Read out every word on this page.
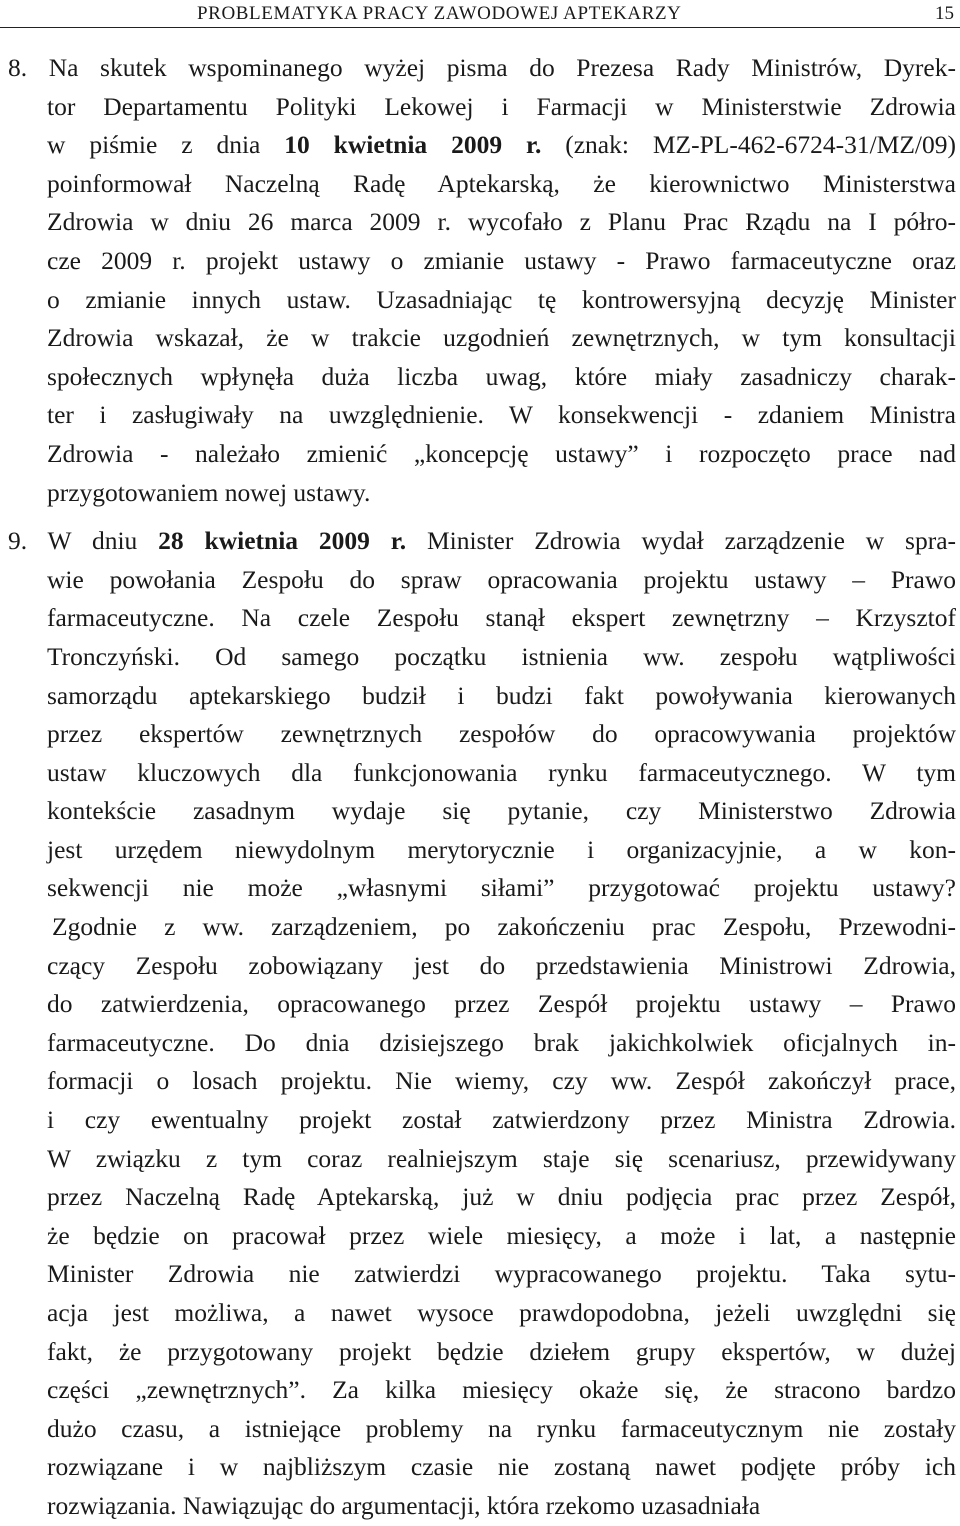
PROBLEMATYKA PRACY ZAWODOWEJ APTEKARZY	15
8. Na skutek wspominanego wyżej pisma do Prezesa Rady Ministrów, Dyrek-
tor Departamentu Polityki Lekowej i Farmacji w Ministerstwie Zdrowia
w piśmie z dnia 10 kwietnia 2009 r. (znak: MZ-PL-462-6724-31/MZ/09)
poinformował Naczelną Radę Aptekarską, że kierownictwo Ministerstwa
Zdrowia w dniu 26 marca 2009 r. wycofało z Planu Prac Rządu na I półro-
cze 2009 r. projekt ustawy o zmianie ustawy - Prawo farmaceutyczne oraz
o zmianie innych ustaw. Uzasadniając tę kontrowersyjną decyzję Minister
Zdrowia wskazał, że w trakcie uzgodnień zewnętrznych, w tym konsultacji
społecznych wpłynęła duża liczba uwag, które miały zasadniczy charak-
ter i zasługiwały na uwzględnienie. W konsekwencji - zdaniem Ministra
Zdrowia - należało zmienić „koncepcję ustawy” i rozpoczęto prace nad
przygotowaniem nowej ustawy.
9. W dniu 28 kwietnia 2009 r. Minister Zdrowia wydał zarządzenie w spra-
wie powołania Zespołu do spraw opracowania projektu ustawy – Prawo
farmaceutyczne. Na czele Zespołu stanął ekspert zewnętrzny – Krzysztof
Tronczyński. Od samego początku istnienia ww. zespołu wątpliwości
samorządu aptekarskiego budził i budzi fakt powoływania kierowanych
przez ekspertów zewnętrznych zespołów do opracowywania projektów
ustaw kluczowych dla funkcjonowania rynku farmaceutycznego. W tym
kontekście zasadnym wydaje się pytanie, czy Ministerstwo Zdrowia
jest urzędem niewydolnym merytorycznie i organizacyjnie, a w kon-
sekwencji nie może „własnymi siłami” przygotować projektu ustawy?
Zgodnie z ww. zarządzeniem, po zakończeniu prac Zespołu, Przewodni-
czący Zespołu zobowiązany jest do przedstawienia Ministrowi Zdrowia,
do zatwierdzenia, opracowanego przez Zespół projektu ustawy – Prawo
farmaceutyczne. Do dnia dzisiejszego brak jakichkolwiek oficjalnych in-
formacji o losach projektu. Nie wiemy, czy ww. Zespół zakończył prace,
i czy ewentualny projekt został zatwierdzony przez Ministra Zdrowia.
W związku z tym coraz realniejszym staje się scenariusz, przewidywany
przez Naczelną Radę Aptekarską, już w dniu podjęcia prac przez Zespół,
że będzie on pracował przez wiele miesięcy, a może i lat, a następnie
Minister Zdrowia nie zatwierdzi wypracowanego projektu. Taka sytu-
acja jest możliwa, a nawet wysoce prawdopodobna, jeżeli uwzględni się
fakt, że przygotowany projekt będzie dziełem grupy ekspertów, w dużej
części „zewnętrznych”. Za kilka miesięcy okaże się, że stracono bardzo
dużo czasu, a istniejące problemy na rynku farmaceutycznym nie zostały
rozwiązane i w najbliższym czasie nie zostaną nawet podjęte próby ich
rozwiązania. Nawiązując do argumentacji, która rzekomo uzasadniała
